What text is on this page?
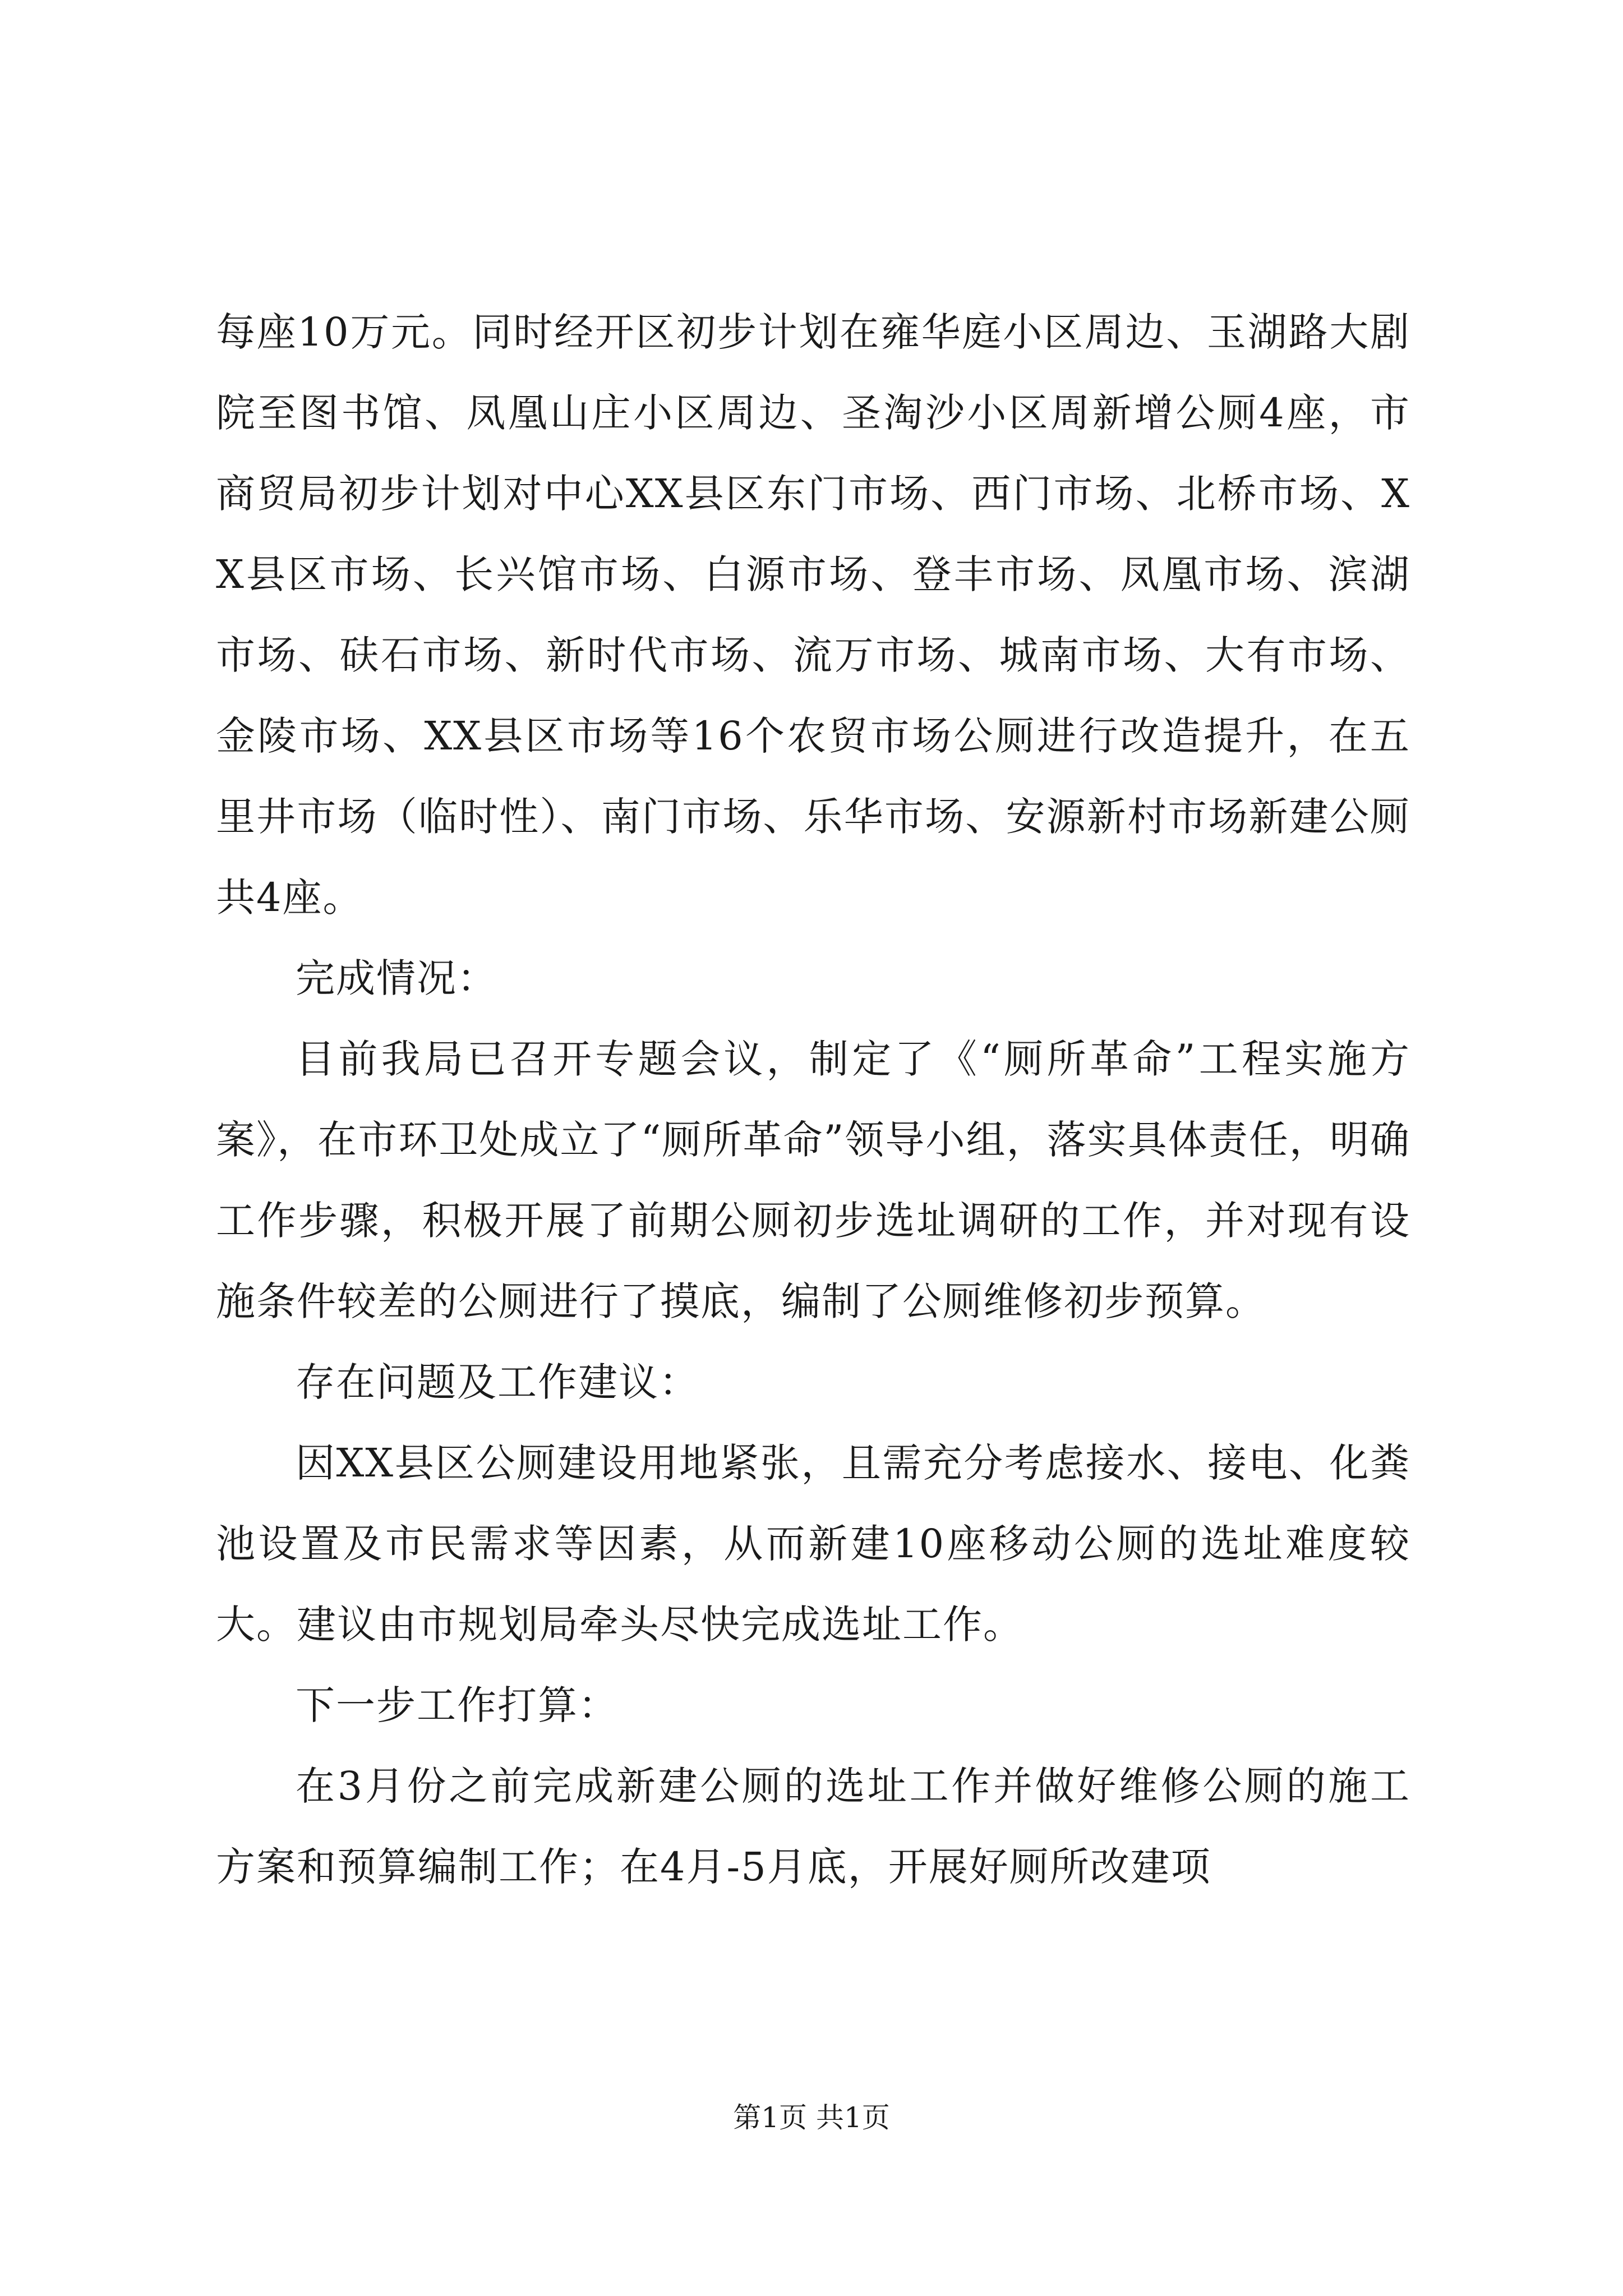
每座10万元。同时经开区初步计划在雍华庭小区周边、玉湖路大剧院至图书馆、凤凰山庄小区周边、圣淘沙小区周新增公厕4座，市商贸局初步计划对中心XX县区东门市场、西门市场、北桥市场、XX县区市场、长兴馆市场、白源市场、登丰市场、凤凰市场、滨湖市场、砆石市场、新时代市场、流万市场、城南市场、大有市场、金陵市场、XX县区市场等16个农贸市场公厕进行改造提升，在五里井市场（临时性）、南门市场、乐华市场、安源新村市场新建公厕共4座。

完成情况：

目前我局已召开专题会议，制定了《“厕所革命”工程实施方案》，在市环卫处成立了“厕所革命”领导小组，落实具体责任，明确工作步骤，积极开展了前期公厕初步选址调研的工作，并对现有设施条件较差的公厕进行了摸底，编制了公厕维修初步预算。

存在问题及工作建议：

因XX县区公厕建设用地紧张，且需充分考虑接水、接电、化粪池设置及市民需求等因素，从而新建10座移动公厕的选址难度较大。建议由市规划局牵头尽快完成选址工作。

下一步工作打算：

在3月份之前完成新建公厕的选址工作并做好维修公厕的施工方案和预算编制工作；在4月-5月底，开展好厕所改建项

第1页 共1页
